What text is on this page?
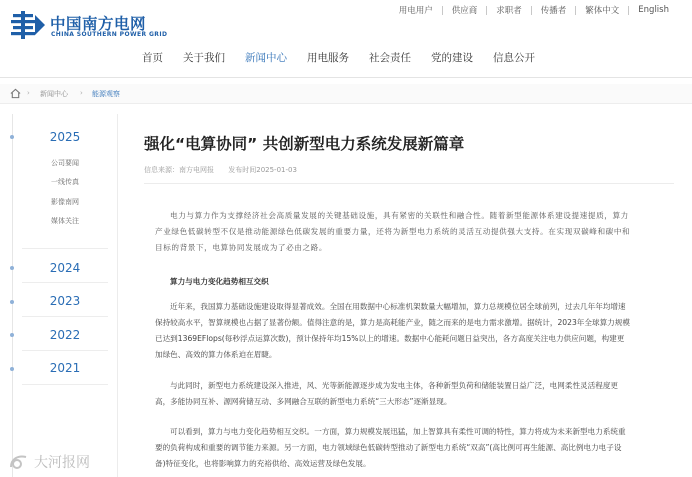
中国南方电网
CHINA SOUTHERN POWER GRID
用电用户	供应商	求职者	传播者	繁体中文	English
首页 关于我们 新闻中心 用电服务 社会责任 党的建设 信息公开
› 新闻中心 › 能源观察
2025
公司要闻
一线传真
影像南网
媒体关注
2024
2023
2022
2021
强化“电算协同” 共创新型电力系统发展新篇章
信息来源：南方电网报 发布时间2025-01-03

电力与算力作为支撑经济社会高质量发展的关键基础设施，具有紧密的关联性和融合性。随着新型能源体系建设提速提质，算力产业绿色低碳转型不仅是推动能源绿色低碳发展的重要力量，还将为新型电力系统的灵活互动提供强大支持。在实现双碳峰和碳中和目标的背景下，电算协同发展成为了必由之路。

算力与电力变化趋势相互交织

近年来，我国算力基础设施建设取得显著成效。全国在用数据中心标准机架数量大幅增加，算力总规模位居全球前列，过去几年年均增速保持较高水平，智算规模也占据了显著份额。值得注意的是，算力是高耗能产业，随之而来的是电力需求激增。据统计，2023年全球算力规模已达到1369EFlops(每秒浮点运算次数)，预计保持年均15%以上的增速。数据中心能耗问题日益突出，各方高度关注电力供应问题，构建更加绿色、高效的算力体系迫在眉睫。

与此同时，新型电力系统建设深入推进，风、光等新能源逐步成为发电主体，各种新型负荷和储能装置日益广泛，电网柔性灵活程度更高，多能协同互补、源网荷储互动、多网融合互联的新型电力系统“三大形态”逐渐显现。

可以看到，算力与电力变化趋势相互交织。一方面，算力规模发展迅猛，加上智算具有柔性可调的特性，算力将成为未来新型电力系统重要的负荷构成和重要的调节能力来源。另一方面，电力领域绿色低碳转型推动了新型电力系统“双高”(高比例可再生能源、高比例电力电子设备)特征变化，也将影响算力的充裕供给、高效运营及绿色发展。

大河报网
